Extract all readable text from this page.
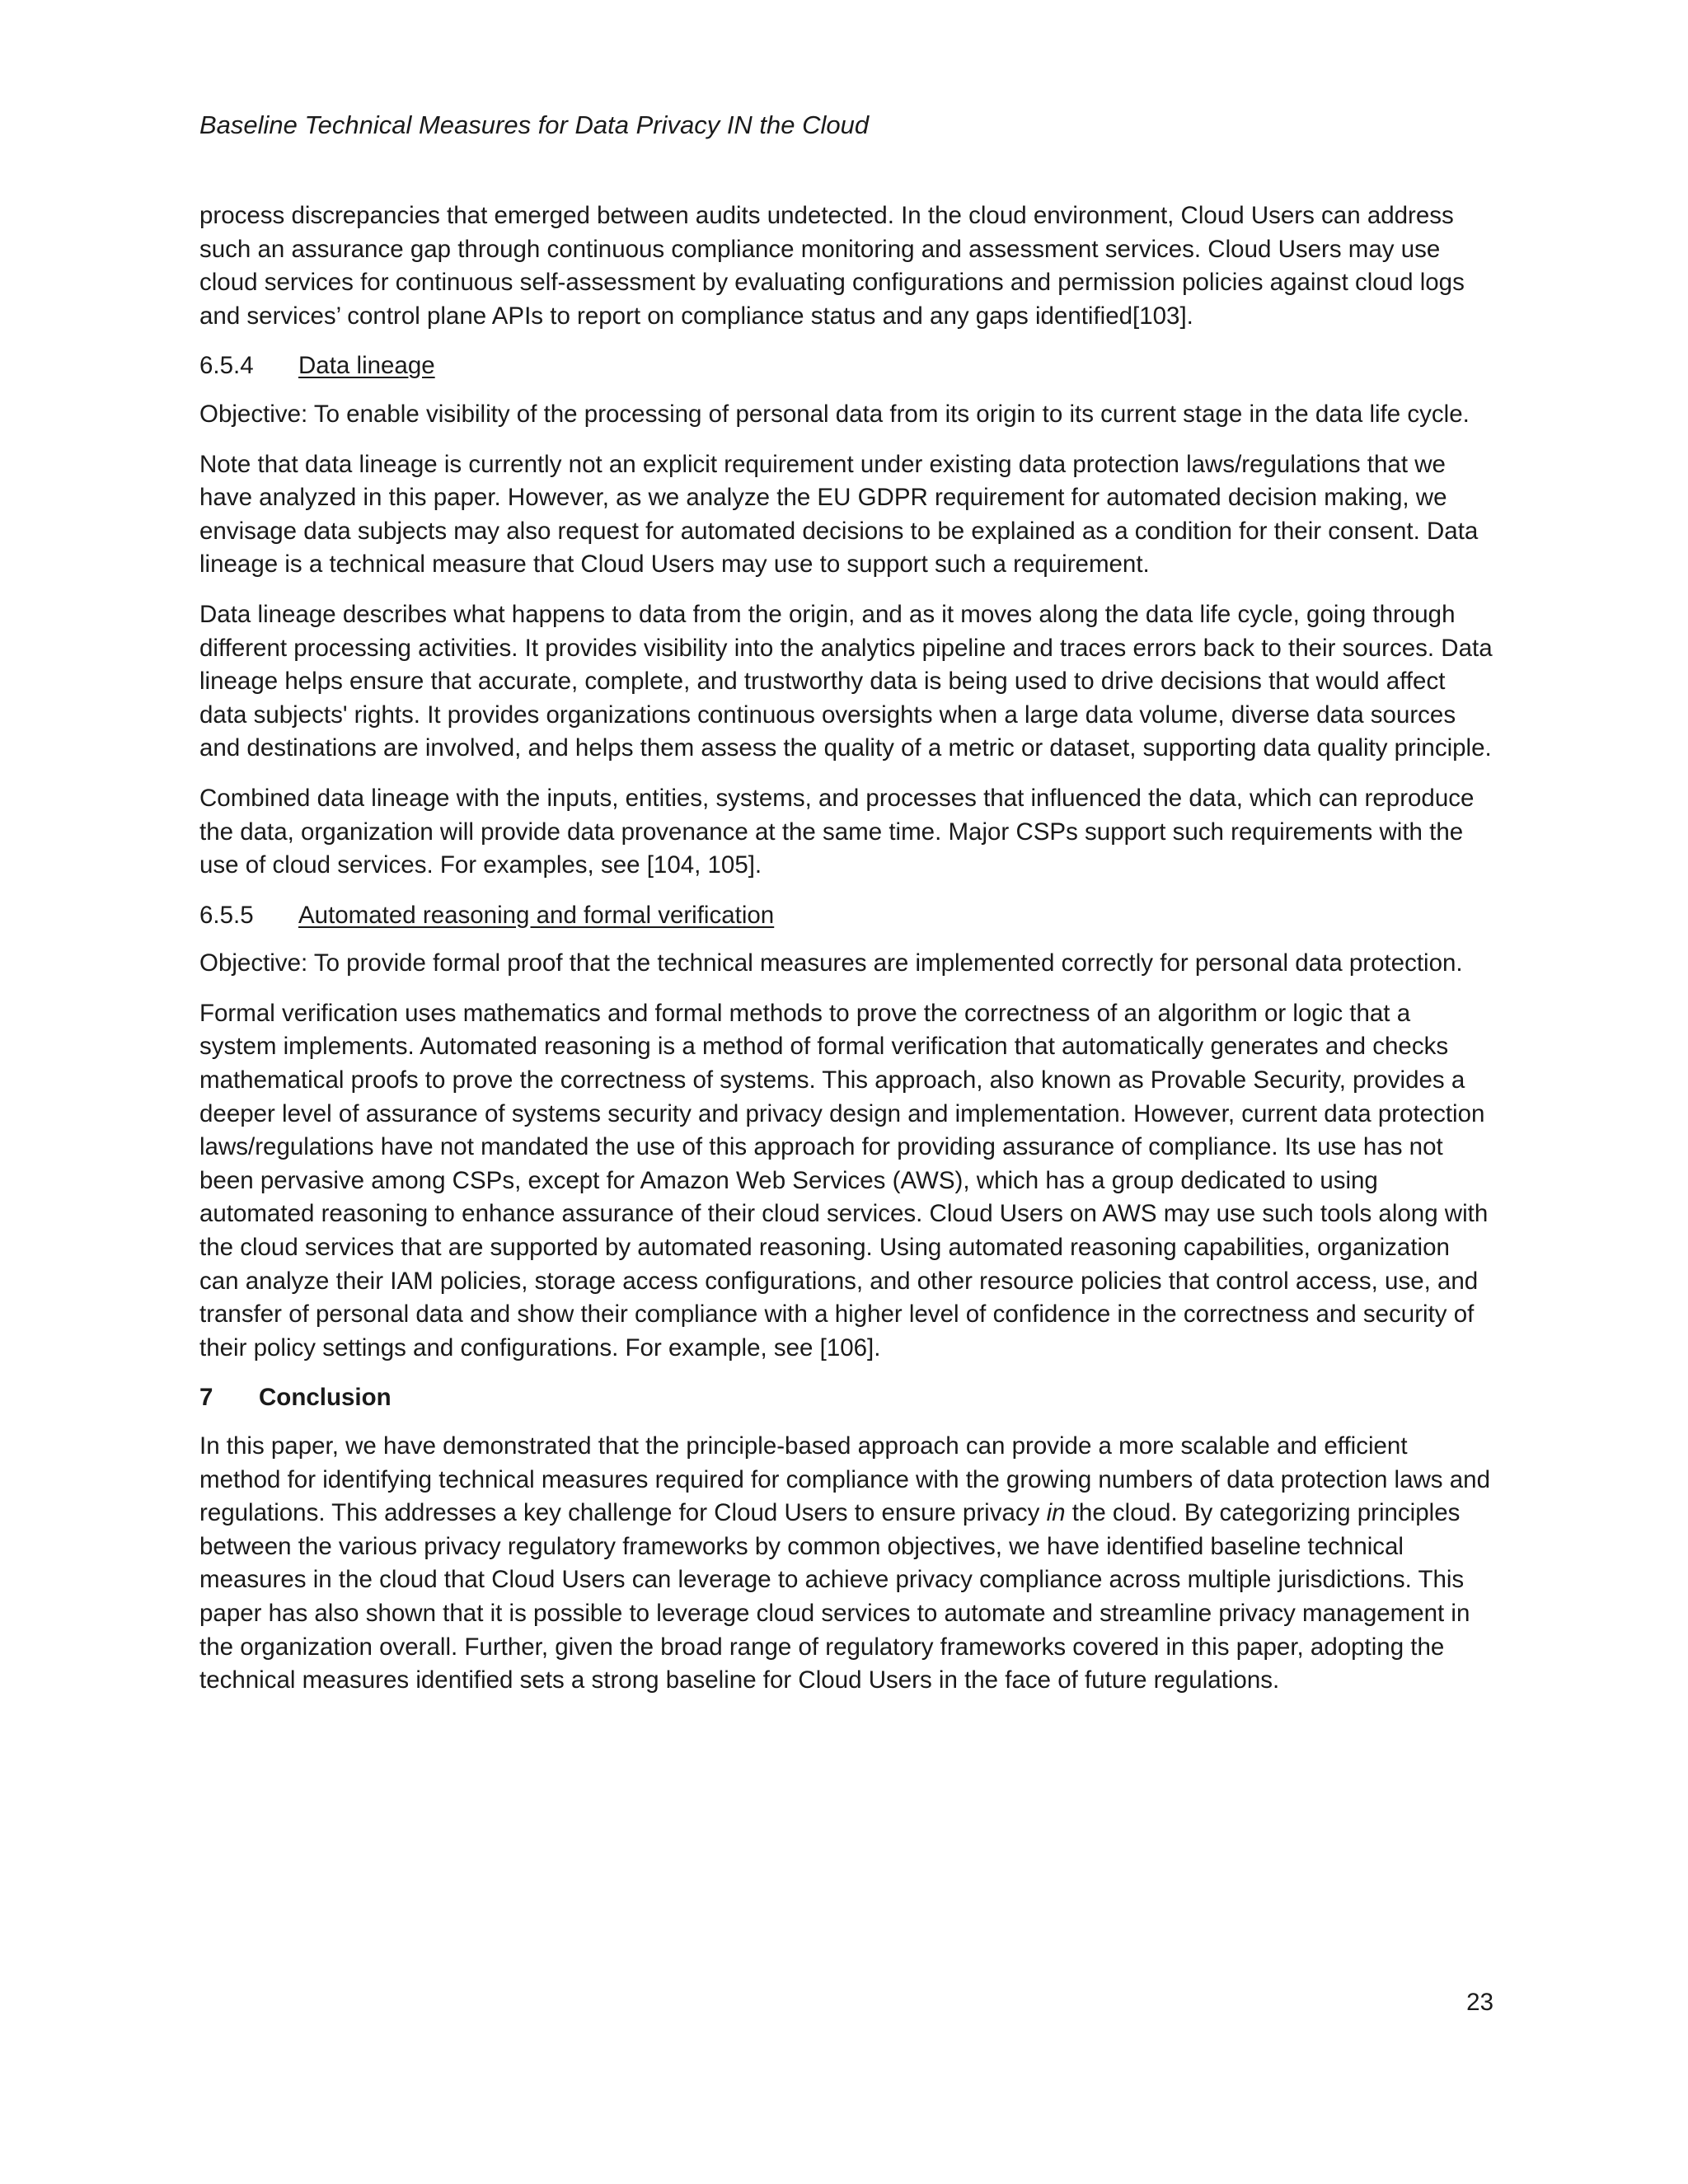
Baseline Technical Measures for Data Privacy IN the Cloud

process discrepancies that emerged between audits undetected. In the cloud environment, Cloud Users can address such an assurance gap through continuous compliance monitoring and assessment services. Cloud Users may use cloud services for continuous self-assessment by evaluating configurations and permission policies against cloud logs and services’ control plane APIs to report on compliance status and any gaps identified[103].

6.5.4 Data lineage

Objective: To enable visibility of the processing of personal data from its origin to its current stage in the data life cycle.

Note that data lineage is currently not an explicit requirement under existing data protection laws/regulations that we have analyzed in this paper. However, as we analyze the EU GDPR requirement for automated decision making, we envisage data subjects may also request for automated decisions to be explained as a condition for their consent. Data lineage is a technical measure that Cloud Users may use to support such a requirement.

Data lineage describes what happens to data from the origin, and as it moves along the data life cycle, going through different processing activities. It provides visibility into the analytics pipeline and traces errors back to their sources. Data lineage helps ensure that accurate, complete, and trustworthy data is being used to drive decisions that would affect data subjects' rights. It provides organizations continuous oversights when a large data volume, diverse data sources and destinations are involved, and helps them assess the quality of a metric or dataset, supporting data quality principle.

Combined data lineage with the inputs, entities, systems, and processes that influenced the data, which can reproduce the data, organization will provide data provenance at the same time. Major CSPs support such requirements with the use of cloud services. For examples, see [104, 105].

6.5.5 Automated reasoning and formal verification

Objective: To provide formal proof that the technical measures are implemented correctly for personal data protection.

Formal verification uses mathematics and formal methods to prove the correctness of an algorithm or logic that a system implements. Automated reasoning is a method of formal verification that automatically generates and checks mathematical proofs to prove the correctness of systems. This approach, also known as Provable Security, provides a deeper level of assurance of systems security and privacy design and implementation. However, current data protection laws/regulations have not mandated the use of this approach for providing assurance of compliance. Its use has not been pervasive among CSPs, except for Amazon Web Services (AWS), which has a group dedicated to using automated reasoning to enhance assurance of their cloud services. Cloud Users on AWS may use such tools along with the cloud services that are supported by automated reasoning. Using automated reasoning capabilities, organization can analyze their IAM policies, storage access configurations, and other resource policies that control access, use, and transfer of personal data and show their compliance with a higher level of confidence in the correctness and security of their policy settings and configurations. For example, see [106].

7 Conclusion

In this paper, we have demonstrated that the principle-based approach can provide a more scalable and efficient method for identifying technical measures required for compliance with the growing numbers of data protection laws and regulations. This addresses a key challenge for Cloud Users to ensure privacy in the cloud. By categorizing principles between the various privacy regulatory frameworks by common objectives, we have identified baseline technical measures in the cloud that Cloud Users can leverage to achieve privacy compliance across multiple jurisdictions. This paper has also shown that it is possible to leverage cloud services to automate and streamline privacy management in the organization overall. Further, given the broad range of regulatory frameworks covered in this paper, adopting the technical measures identified sets a strong baseline for Cloud Users in the face of future regulations.

23
